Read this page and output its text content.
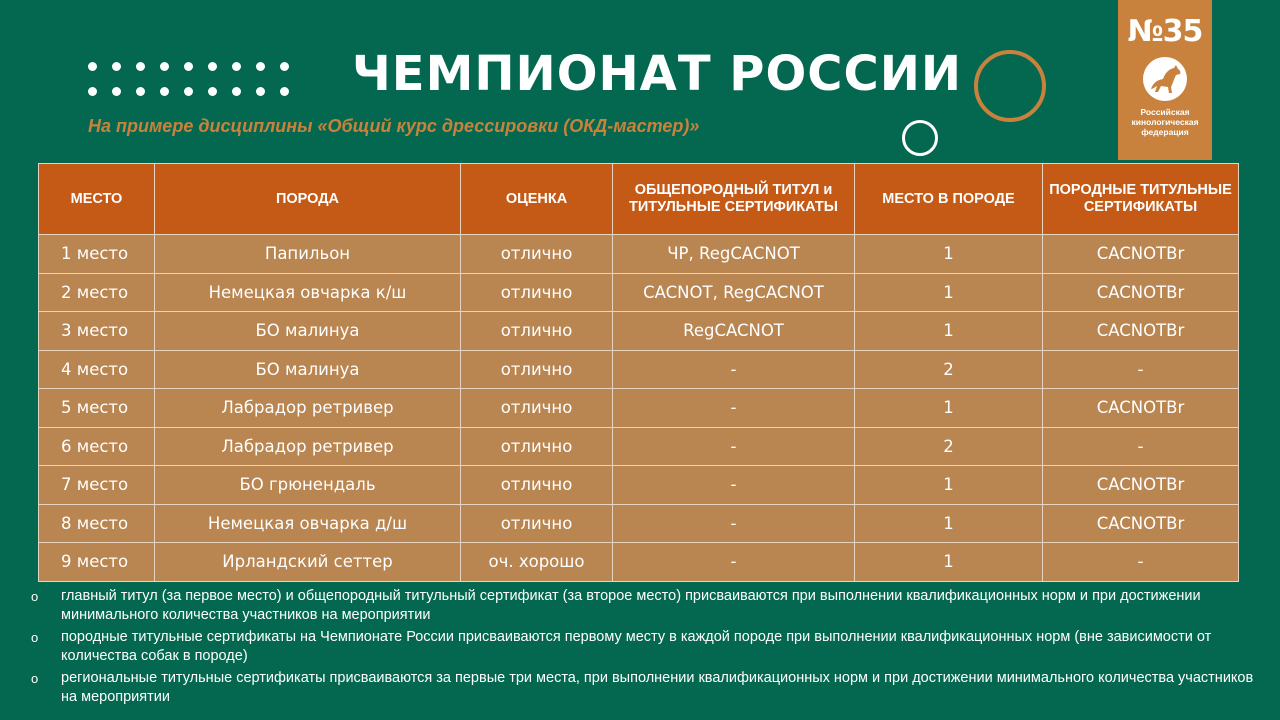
ЧЕМПИОНАТ РОССИИ

На примере дисциплины «Общий курс дрессировки (ОКД-мастер)»

№35
Российская
кинологическая
федерация
МЕСТО	ПОРОДА	ОЦЕНКА	ОБЩЕПОРОДНЫЙ ТИТУЛ и ТИТУЛЬНЫЕ СЕРТИФИКАТЫ	МЕСТО В ПОРОДЕ	ПОРОДНЫЕ ТИТУЛЬНЫЕ СЕРТИФИКАТЫ
1 место	Папильон	отлично	ЧР, RegCACNOT	1	CACNOTBr
2 место	Немецкая овчарка к/ш	отлично	CACNOT, RegCACNOT	1	CACNOTBr
3 место	БО малинуа	отлично	RegCACNOT	1	CACNOTBr
4 место	БО малинуа	отлично	-	2	-
5 место	Лабрадор ретривер	отлично	-	1	CACNOTBr
6 место	Лабрадор ретривер	отлично	-	2	-
7 место	БО грюнендаль	отлично	-	1	CACNOTBr
8 место	Немецкая овчарка д/ш	отлично	-	1	CACNOTBr
9 место	Ирландский сеттер	оч. хорошо	-	1	-
o главный титул (за первое место) и общепородный титульный сертификат (за второе место) присваиваются при выполнении квалификационных норм и при достижении минимального количества участников на мероприятии
o породные титульные сертификаты на Чемпионате России присваиваются первому месту в каждой породе при выполнении квалификационных норм (вне зависимости от количества собак в породе)
o региональные титульные сертификаты присваиваются за первые три места, при выполнении квалификационных норм и при достижении минимального количества участников на мероприятии
